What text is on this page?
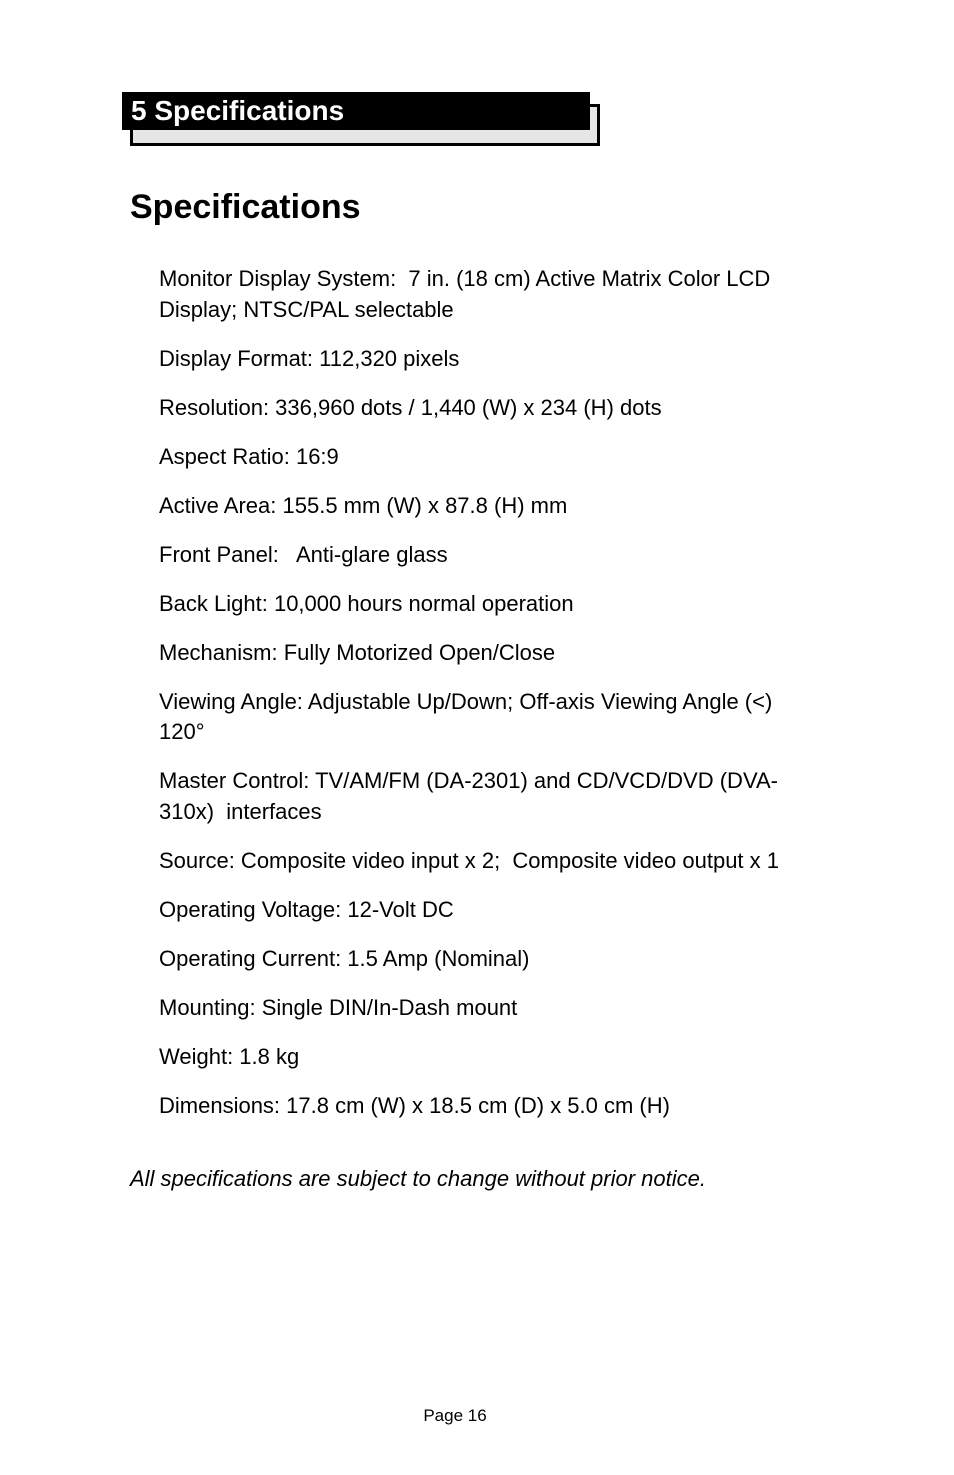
5 Specifications
Specifications
Monitor Display System:  7 in. (18 cm) Active Matrix Color LCD Display; NTSC/PAL selectable
Display Format: 112,320 pixels
Resolution: 336,960 dots / 1,440 (W) x 234 (H) dots
Aspect Ratio: 16:9
Active Area: 155.5 mm (W) x 87.8 (H) mm
Front Panel:   Anti-glare glass
Back Light: 10,000 hours normal operation
Mechanism: Fully Motorized Open/Close
Viewing Angle: Adjustable Up/Down; Off-axis Viewing Angle (<) 120°
Master Control: TV/AM/FM (DA-2301) and CD/VCD/DVD (DVA-310x)  interfaces
Source: Composite video input x 2;  Composite video output x 1
Operating Voltage: 12-Volt DC
Operating Current: 1.5 Amp (Nominal)
Mounting: Single DIN/In-Dash mount
Weight: 1.8 kg
Dimensions: 17.8 cm (W) x 18.5 cm (D) x 5.0 cm (H)

All specifications are subject to change without prior notice.

Page 16
